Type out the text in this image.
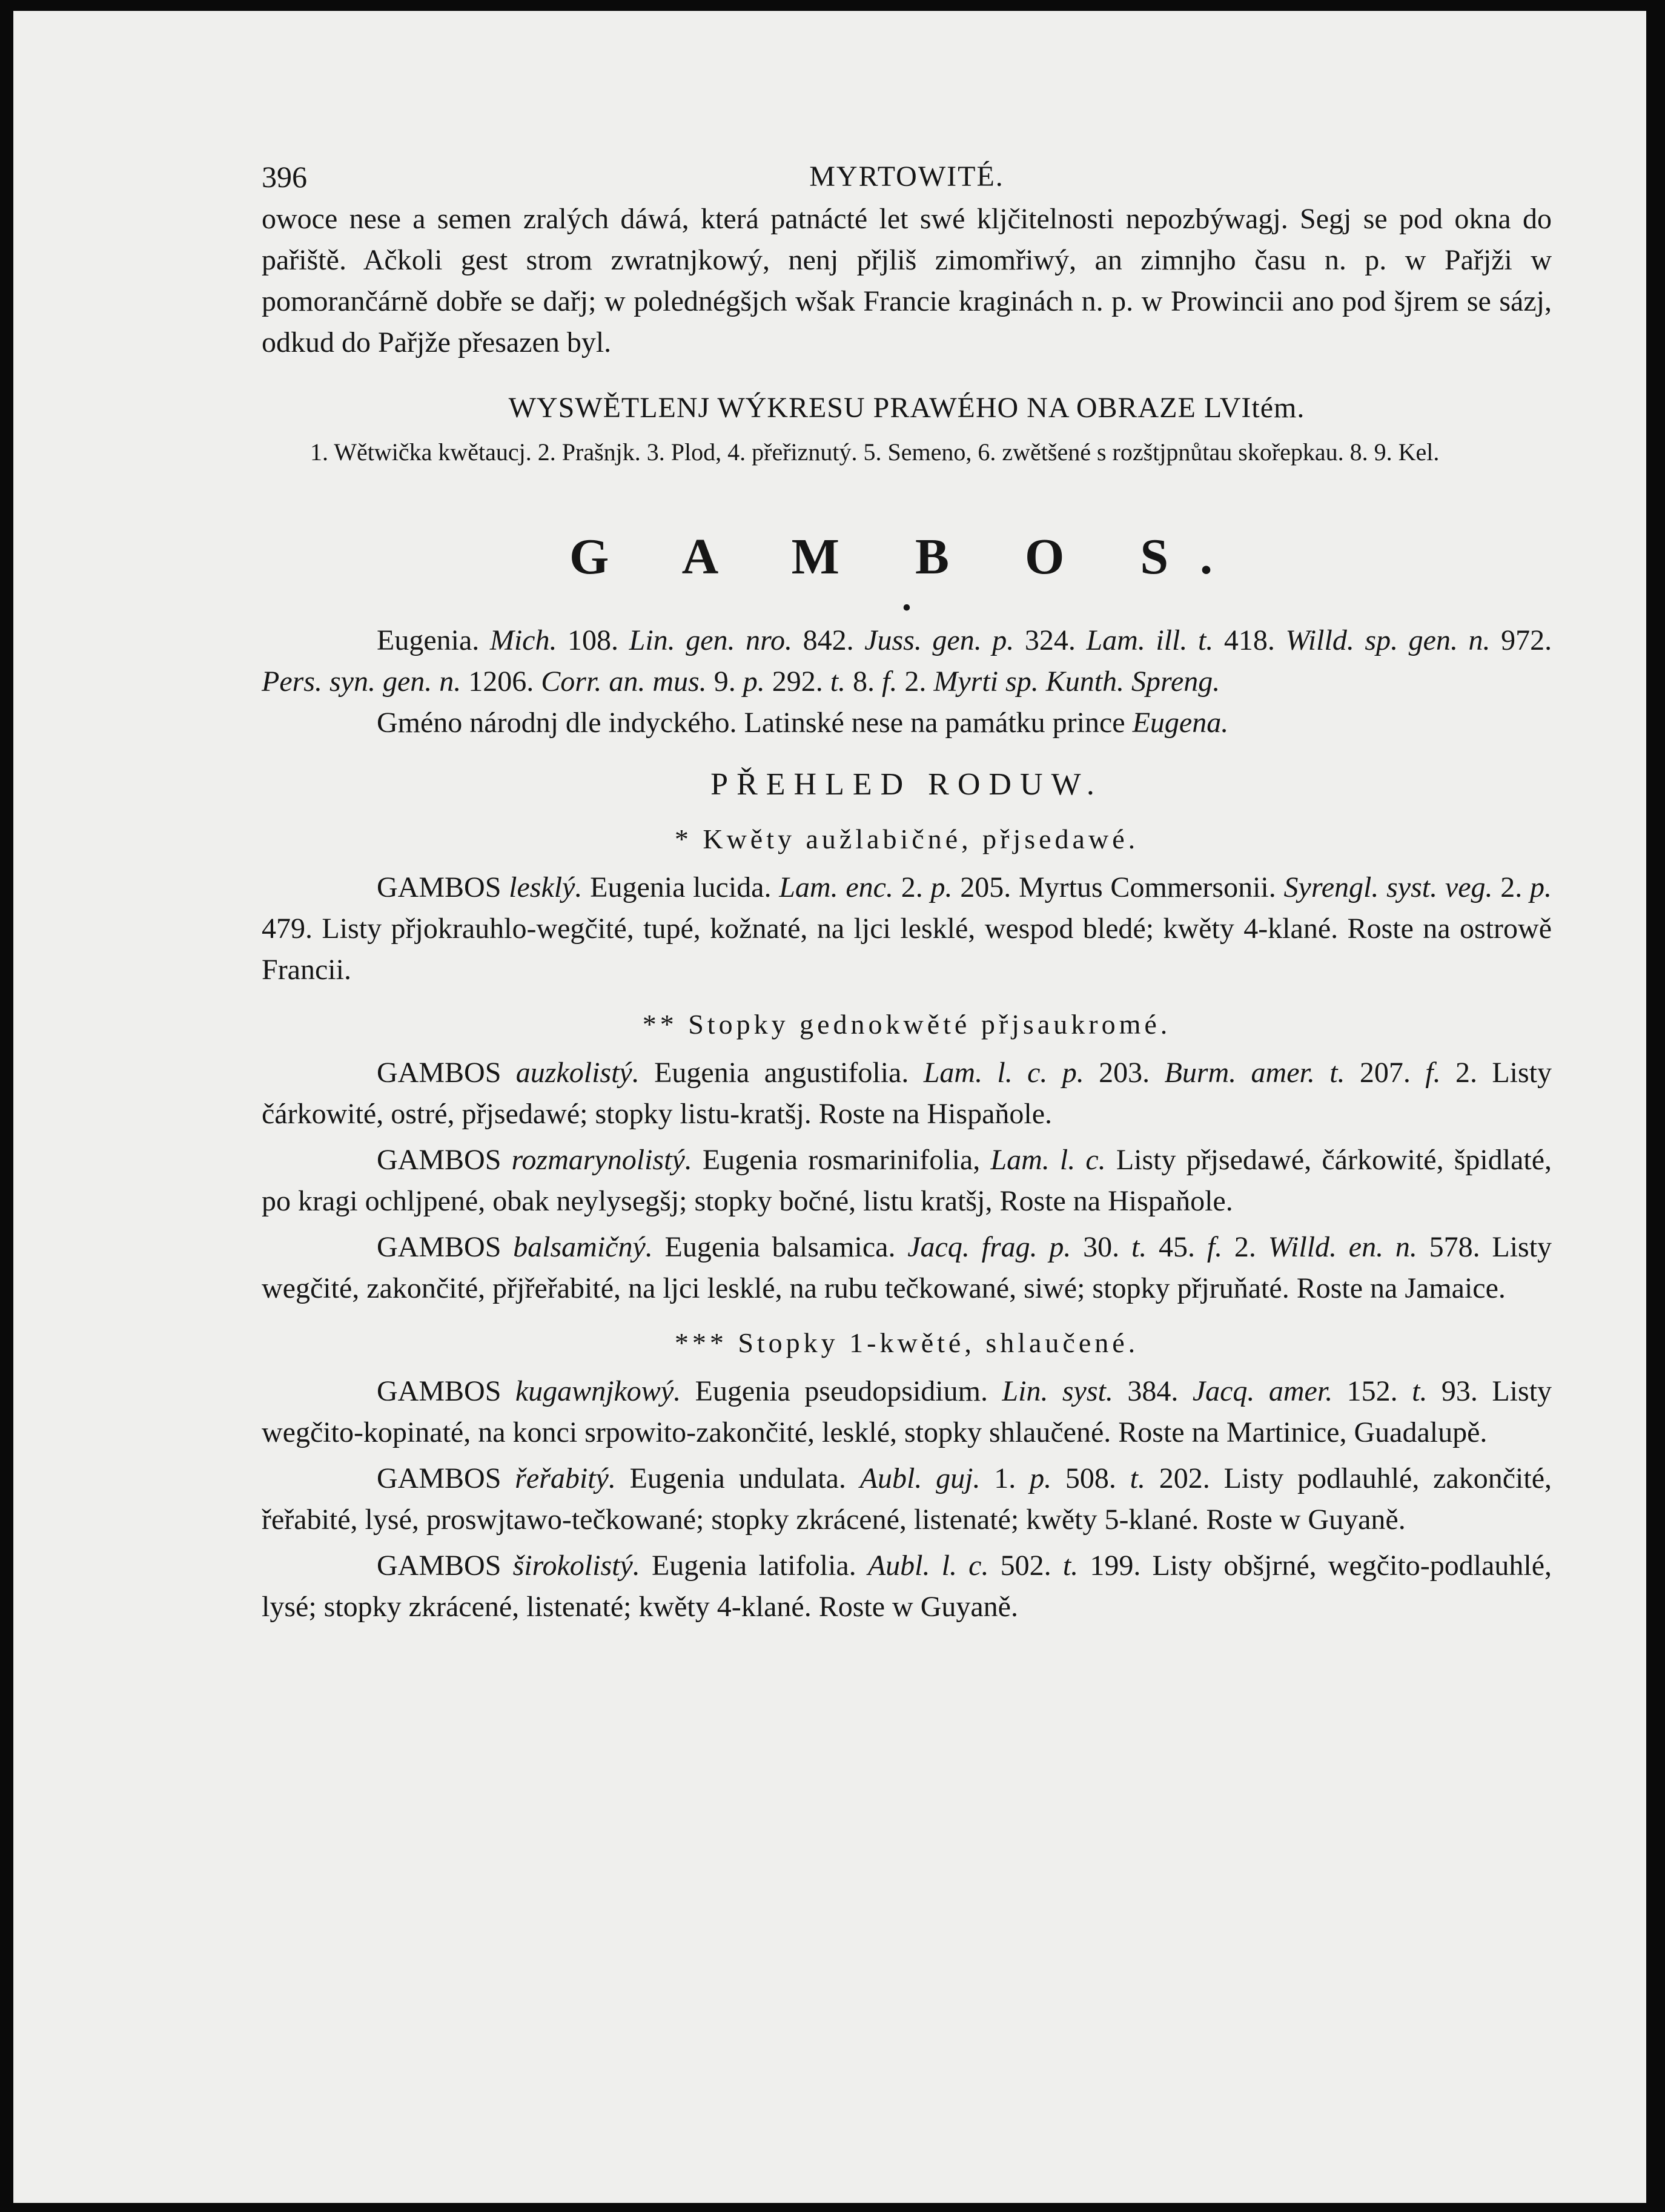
396	MYRTOWITÉ.

owoce nese a semen zralých dáwá, která patnácté let swé kljčitelnosti nepozbýwagj. Segj se pod okna do pařiště. Ačkoli gest strom zwratnjkowý, nenj přjliš zimomřiwý, an zimnjho času n. p. w Pařjži w pomorančárně dobře se dařj; w polednégšjch wšak Francie kraginách n. p. w Prowincii ano pod šjrem se sázj, odkud do Pařjže přesazen byl.

WYSWĚTLENJ WÝKRESU PRAWÉHO NA OBRAZE LVItém.

1. Wětwička kwětaucj. 2. Prašnjk. 3. Plod, 4. přeřiznutý. 5. Semeno, 6. zwětšené s rozštjpnůtau skořepkau. 8. 9. Kel.

G A M B O S.
•

Eugenia. Mich. 108. Lin. gen. nro. 842. Juss. gen. p. 324. Lam. ill. t. 418. Willd. sp. gen. n. 972. Pers. syn. gen. n. 1206. Corr. an. mus. 9. p. 292. t. 8. f. 2. Myrti sp. Kunth. Spreng.

Gméno národnj dle indyckého. Latinské nese na památku prince Eugena.

PŘEHLED RODUW.
* Kwěty aužlabičné, přjsedawé.

GAMBOS lesklý. Eugenia lucida. Lam. enc. 2. p. 205. Myrtus Commersonii. Syrengl. syst. veg. 2. p. 479. Listy přjokrauhlo-wegčité, tupé, kožnaté, na ljci lesklé, wespod bledé; kwěty 4-klané. Roste na ostrowě Francii.

** Stopky gednokwěté přjsaukromé.

GAMBOS auzkolistý. Eugenia angustifolia. Lam. l. c. p. 203. Burm. amer. t. 207. f. 2. Listy čárkowité, ostré, přjsedawé; stopky listu-kratšj. Roste na Hispaňole.

GAMBOS rozmarynolistý. Eugenia rosmarinifolia, Lam. l. c. Listy přjsedawé, čárkowité, špidlaté, po kragi ochljpené, obak neylysegšj; stopky bočné, listu kratšj, Roste na Hispaňole.

GAMBOS balsamičný. Eugenia balsamica. Jacq. frag. p. 30. t. 45. f. 2. Willd. en. n. 578. Listy wegčité, zakončité, přjřeřabité, na ljci lesklé, na rubu tečkowané, siwé; stopky přjruňaté. Roste na Jamaice.

*** Stopky 1-kwěté, shlaučené.

GAMBOS kugawnjkowý. Eugenia pseudopsidium. Lin. syst. 384. Jacq. amer. 152. t. 93. Listy wegčito-kopinaté, na konci srpowito-zakončité, lesklé, stopky shlaučené. Roste na Martinice, Guadalupě.

GAMBOS řeřabitý. Eugenia undulata. Aubl. guj. 1. p. 508. t. 202. Listy podlauhlé, zakončité, řeřabité, lysé, proswjtawo-tečkowané; stopky zkrácené, listenaté; kwěty 5-klané. Roste w Guyaně.

GAMBOS širokolistý. Eugenia latifolia. Aubl. l. c. 502. t. 199. Listy obšjrné, wegčito-podlauhlé, lysé; stopky zkrácené, listenaté; kwěty 4-klané. Roste w Guyaně.
